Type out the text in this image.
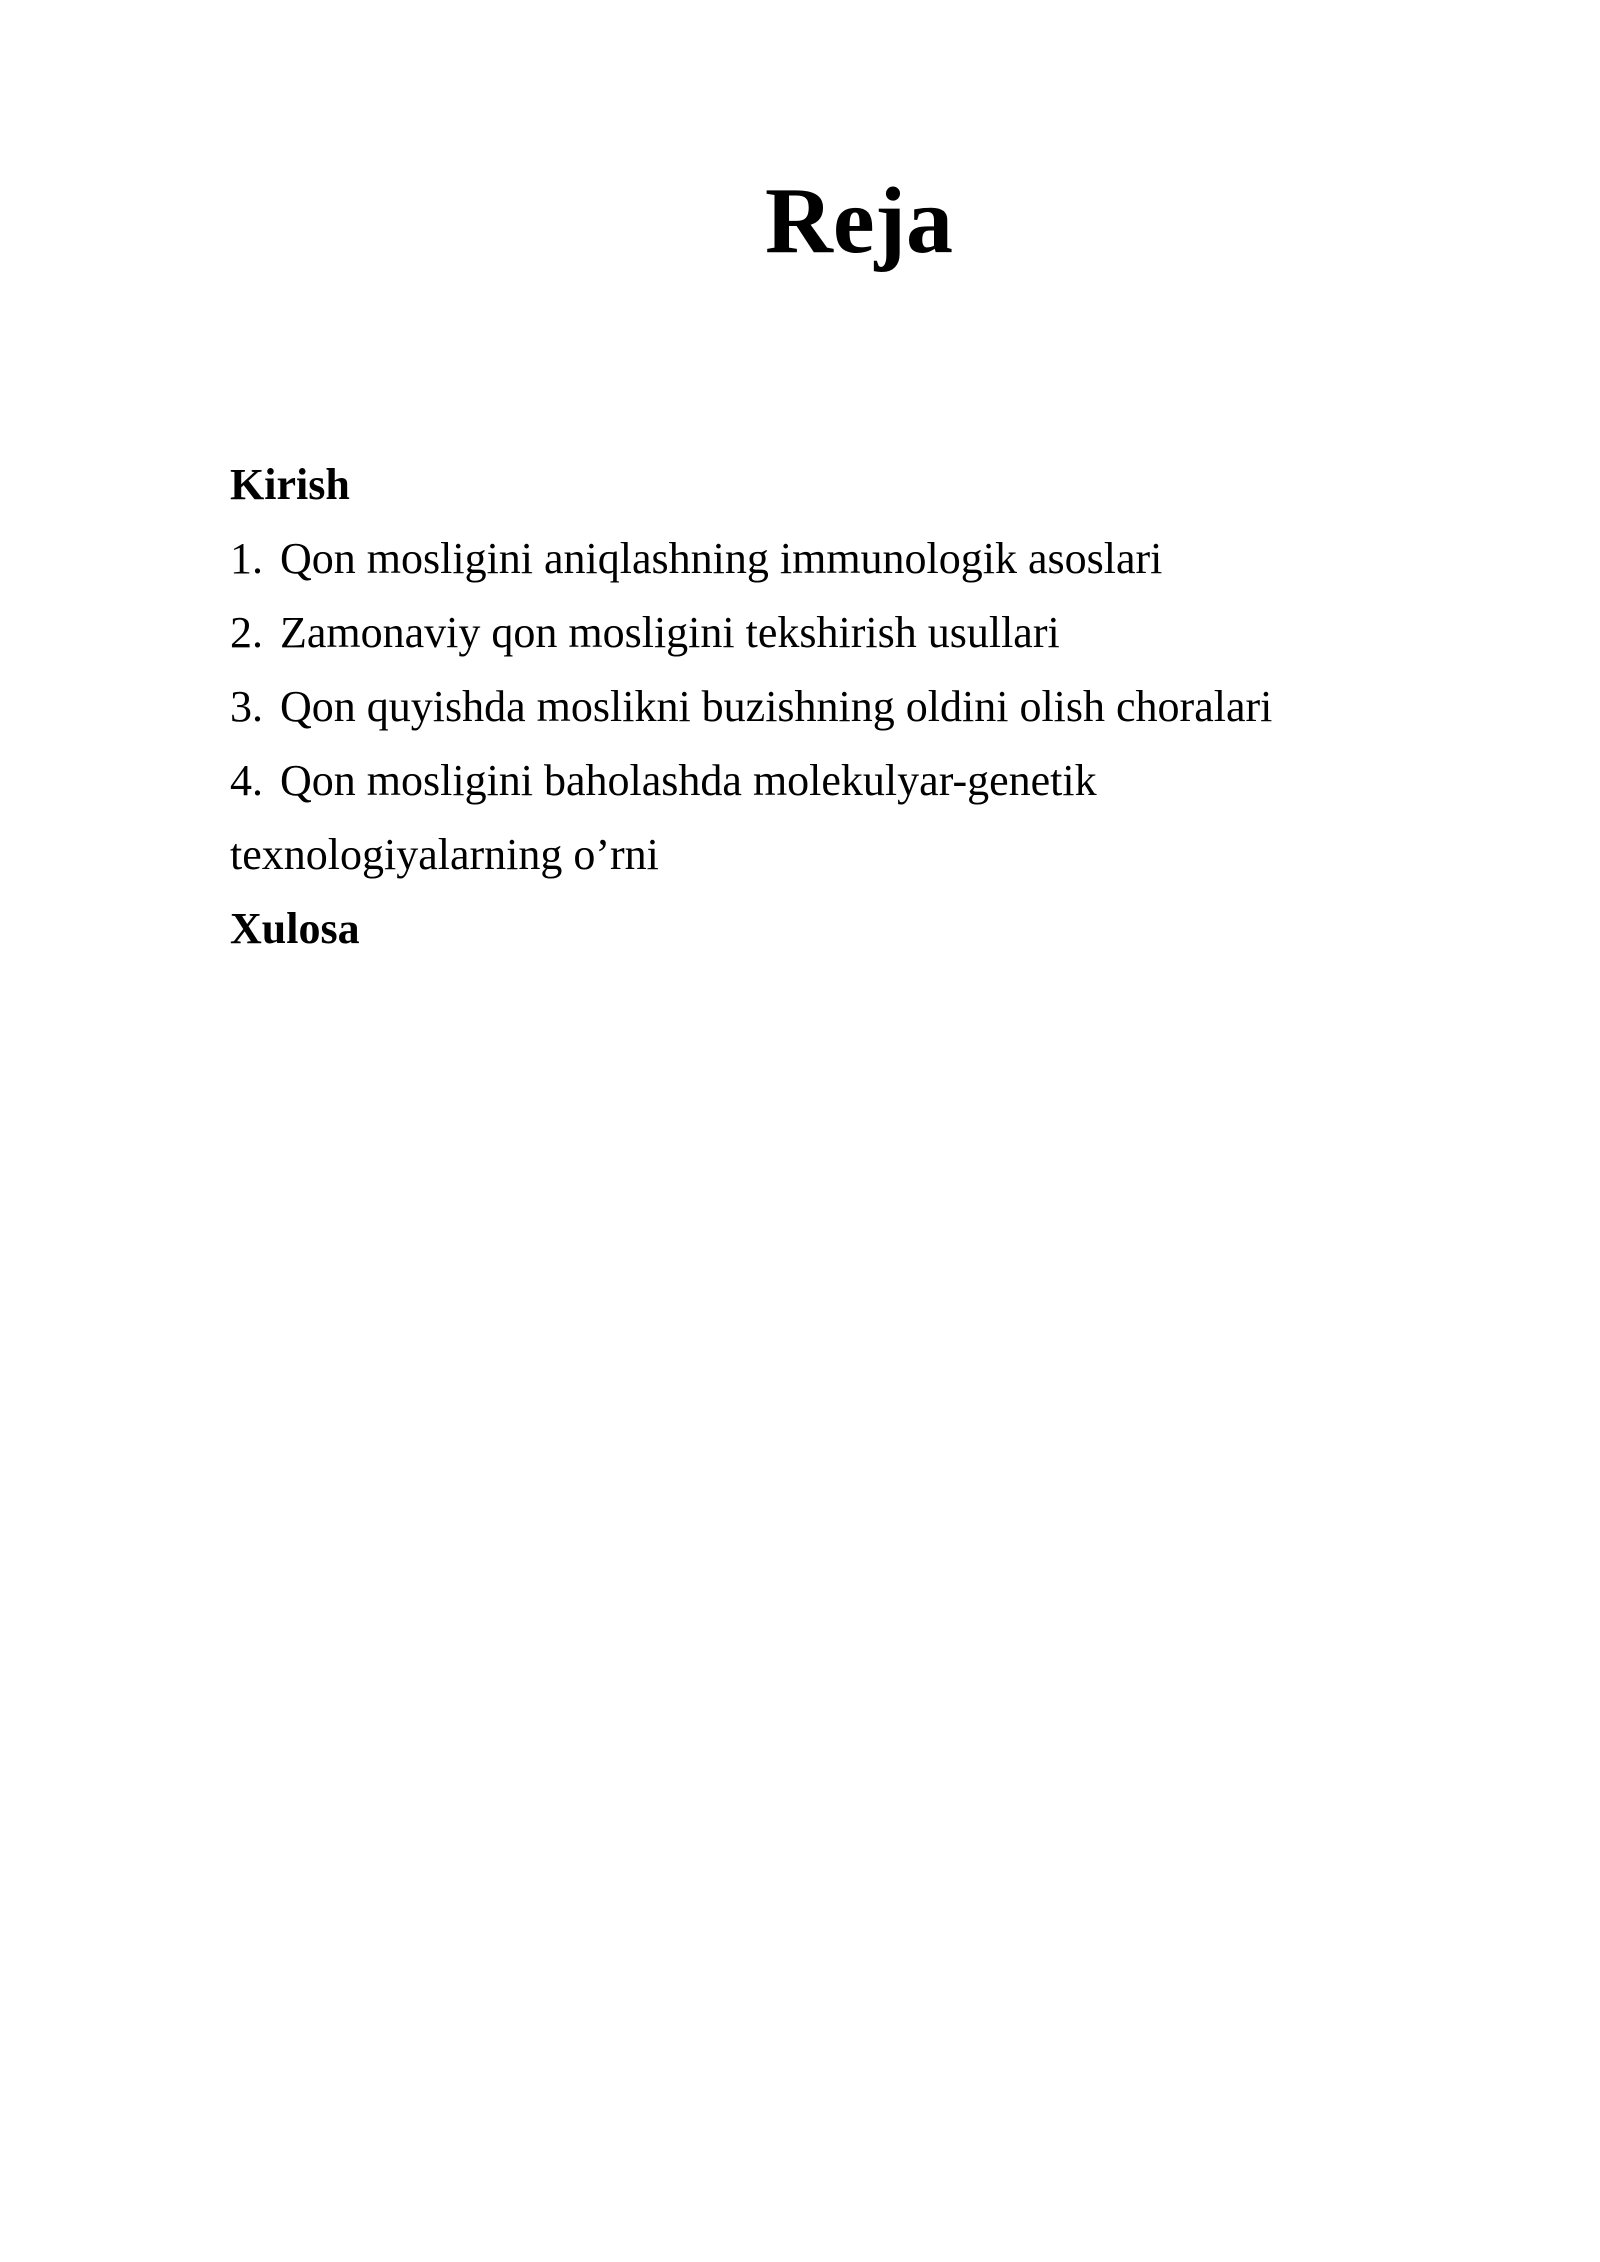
Reja
Kirish
1. Qon mosligini aniqlashning immunologik asoslari
2. Zamonaviy qon mosligini tekshirish usullari
3. Qon quyishda moslikni buzishning oldini olish choralari
4. Qon mosligini baholashda molekulyar-genetik
texnologiyalarning o’rni
Xulosa
